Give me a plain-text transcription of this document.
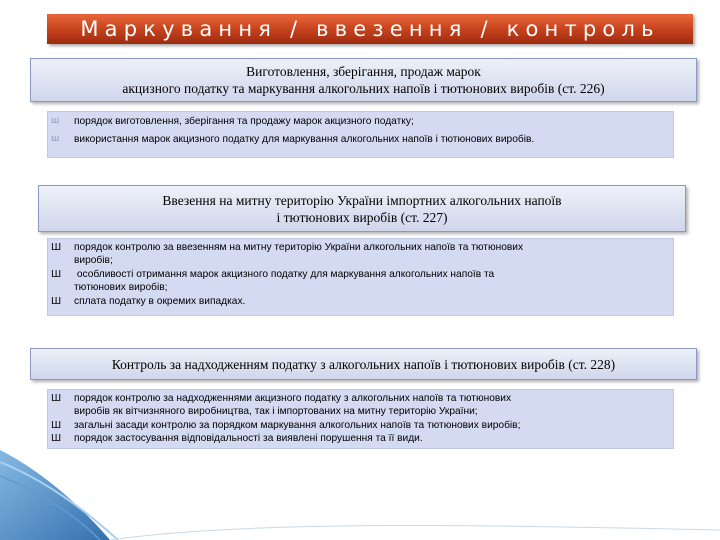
Маркування / ввезення / контроль
Виготовлення, зберігання, продаж марок
акцизного податку та маркування алкогольних напоїв і тютюнових виробів (ст. 226)
ш	порядок виготовлення, зберігання та продажу марок акцизного податку;
ш	використання марок акцизного податку для маркування алкогольних напоїв і тютюнових виробів.
Ввезення на митну територію України імпортних алкогольних напоїв
і тютюнових виробів (ст. 227)
Ш	порядок контролю за ввезенням на митну територію України алкогольних напоїв та тютюнових
виробів;
Ш	особливості отримання марок акцизного податку для маркування алкогольних напоїв та
тютюнових виробів;
Ш	сплата податку в окремих випадках.
Контроль за надходженням податку з алкогольних напоїв і тютюнових виробів (ст. 228)
Ш	порядок контролю за надходженнями акцизного податку з алкогольних напоїв та тютюнових
виробів як вітчизняного виробництва, так і імпортованих на митну територію України;
Ш	загальні засади контролю за порядком маркування алкогольних напоїв та тютюнових виробів;
Ш	порядок застосування відповідальності за виявлені порушення та її види.
